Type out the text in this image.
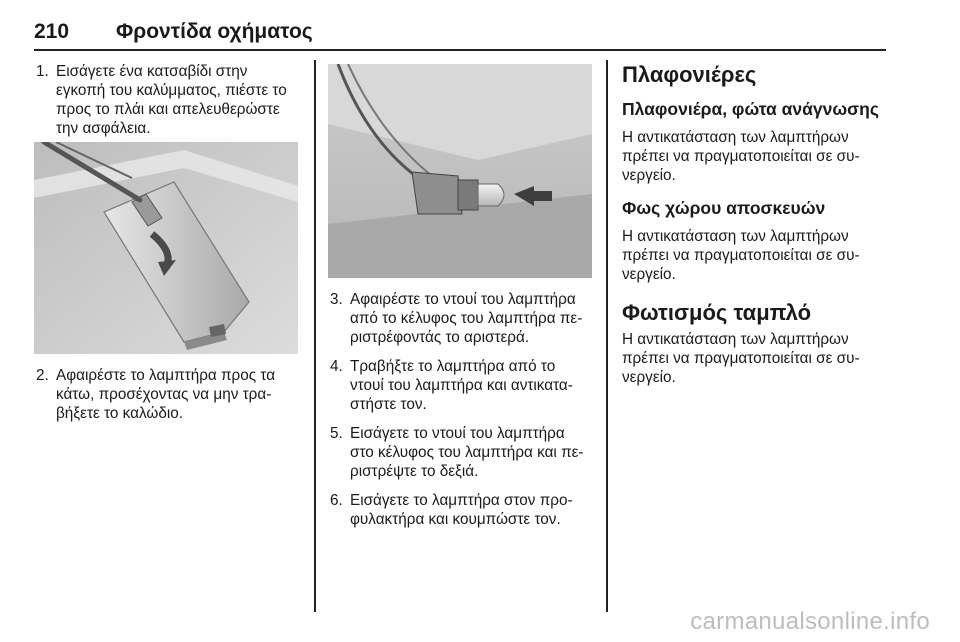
210 Φροντίδα οχήματος
1. Εισάγετε ένα κατσαβίδι στην
εγκοπή του καλύμματος, πιέστε το
προς το πλάι και απελευθερώστε
την ασφάλεια.
2. Αφαιρέστε το λαμπτήρα προς τα
κάτω, προσέχοντας να μην τρα-
βήξετε το καλώδιο.
3. Αφαιρέστε το ντουί του λαμπτήρα
από το κέλυφος του λαμπτήρα πε-
ριστρέφοντάς το αριστερά.
4. Τραβήξτε το λαμπτήρα από το
ντουί του λαμπτήρα και αντικατα-
στήστε τον.
5. Εισάγετε το ντουί του λαμπτήρα
στο κέλυφος του λαμπτήρα και πε-
ριστρέψτε το δεξιά.
6. Εισάγετε το λαμπτήρα στον προ-
φυλακτήρα και κουμπώστε τον.
Πλαφονιέρες
Πλαφονιέρα, φώτα ανάγνωσης

Η αντικατάσταση των λαμπτήρων

πρέπει να πραγματοποιείται σε συ-

νεργείο.

Φως χώρου αποσκευών

Η αντικατάσταση των λαμπτήρων

πρέπει να πραγματοποιείται σε συ-

νεργείο.

Φωτισμός ταμπλό

Η αντικατάσταση των λαμπτήρων

πρέπει να πραγματοποιείται σε συ-

νεργείο.

carmanualsonline.info
